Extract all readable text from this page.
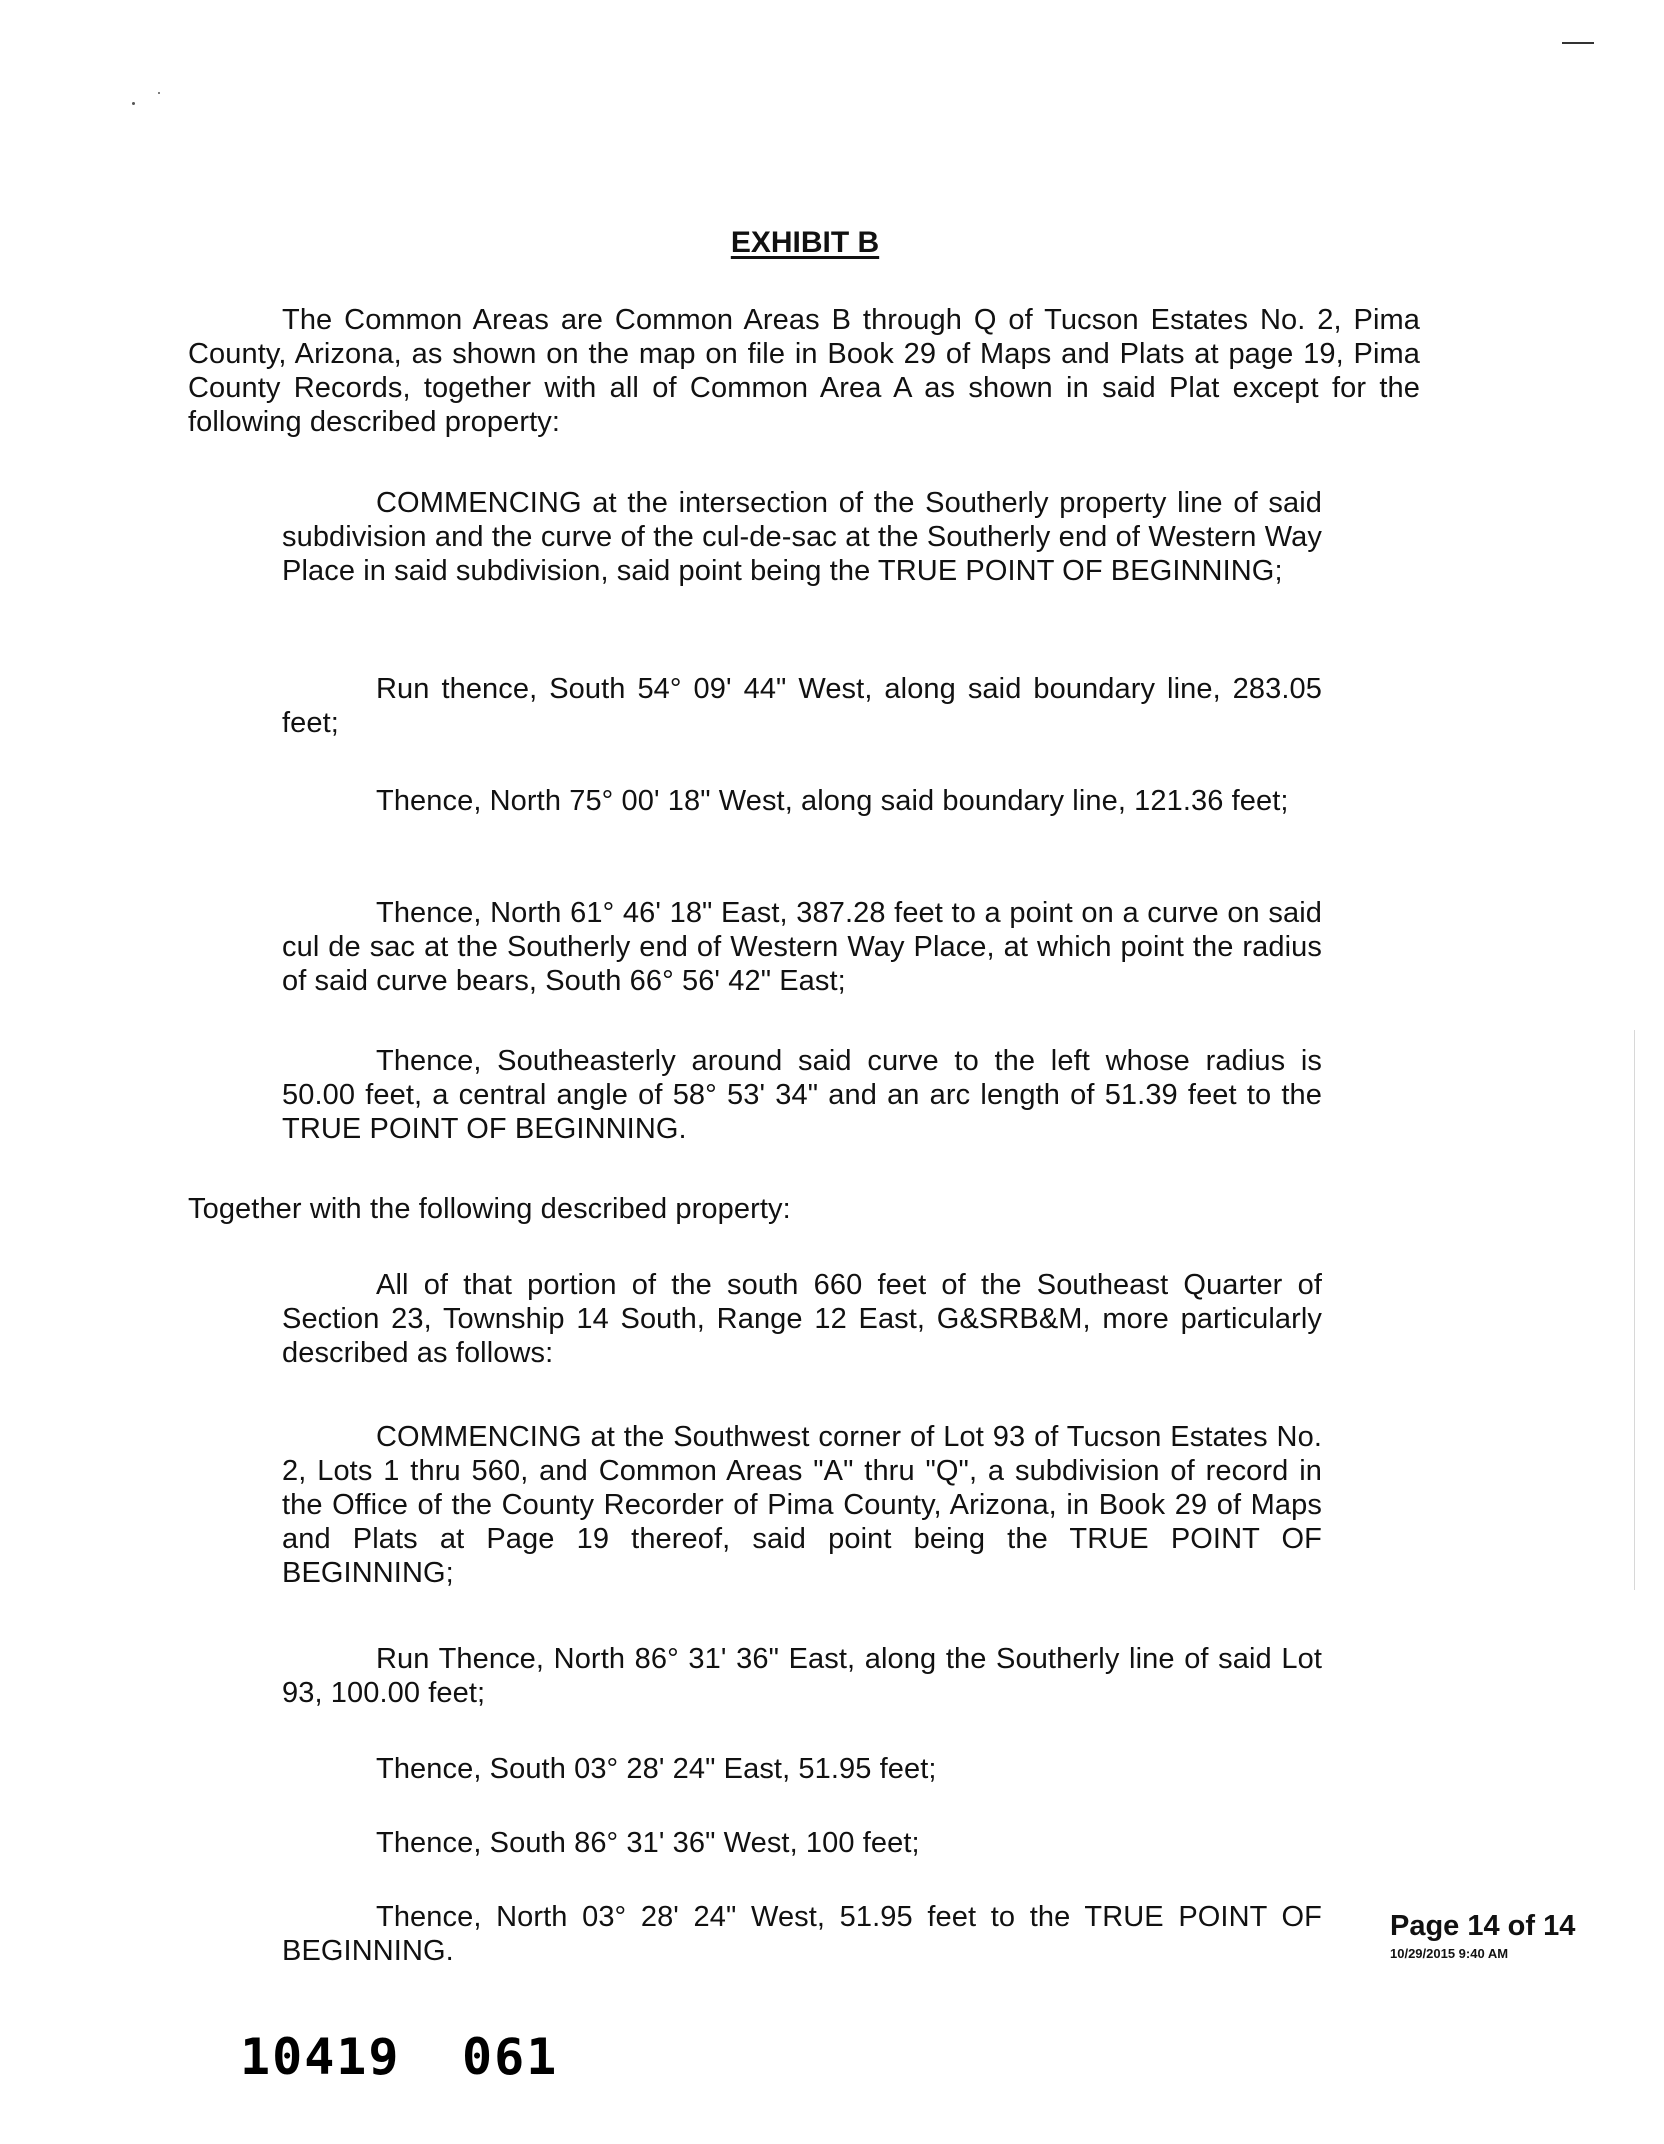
EXHIBIT B

The Common Areas are Common Areas B through Q of Tucson Estates No. 2, Pima County, Arizona, as shown on the map on file in Book 29 of Maps and Plats at page 19, Pima County Records, together with all of Common Area A as shown in said Plat except for the following described property:

COMMENCING at the intersection of the Southerly property line of said subdivision and the curve of the cul-de-sac at the Southerly end of Western Way Place in said subdivision, said point being the TRUE POINT OF BEGINNING;

Run thence, South 54° 09' 44" West, along said boundary line, 283.05 feet;

Thence, North 75° 00' 18" West, along said boundary line, 121.36 feet;

Thence, North 61° 46' 18" East, 387.28 feet to a point on a curve on said cul de sac at the Southerly end of Western Way Place, at which point the radius of said curve bears, South 66° 56' 42" East;

Thence, Southeasterly around said curve to the left whose radius is 50.00 feet, a central angle of 58° 53' 34" and an arc length of 51.39 feet to the TRUE POINT OF BEGINNING.

Together with the following described property:

All of that portion of the south 660 feet of the Southeast Quarter of Section 23, Township 14 South, Range 12 East, G&SRB&M, more particularly described as follows:

COMMENCING at the Southwest corner of Lot 93 of Tucson Estates No. 2, Lots 1 thru 560, and Common Areas "A" thru "Q", a subdivision of record in the Office of the County Recorder of Pima County, Arizona, in Book 29 of Maps and Plats at Page 19 thereof, said point being the TRUE POINT OF BEGINNING;

Run Thence, North 86° 31' 36" East, along the Southerly line of said Lot 93, 100.00 feet;

Thence, South 03° 28' 24" East, 51.95 feet;

Thence, South 86° 31' 36" West, 100 feet;

Thence, North 03° 28' 24" West, 51.95 feet to the TRUE POINT OF BEGINNING.

Page 14 of 14
10/29/2015 9:40 AM
10419 061
